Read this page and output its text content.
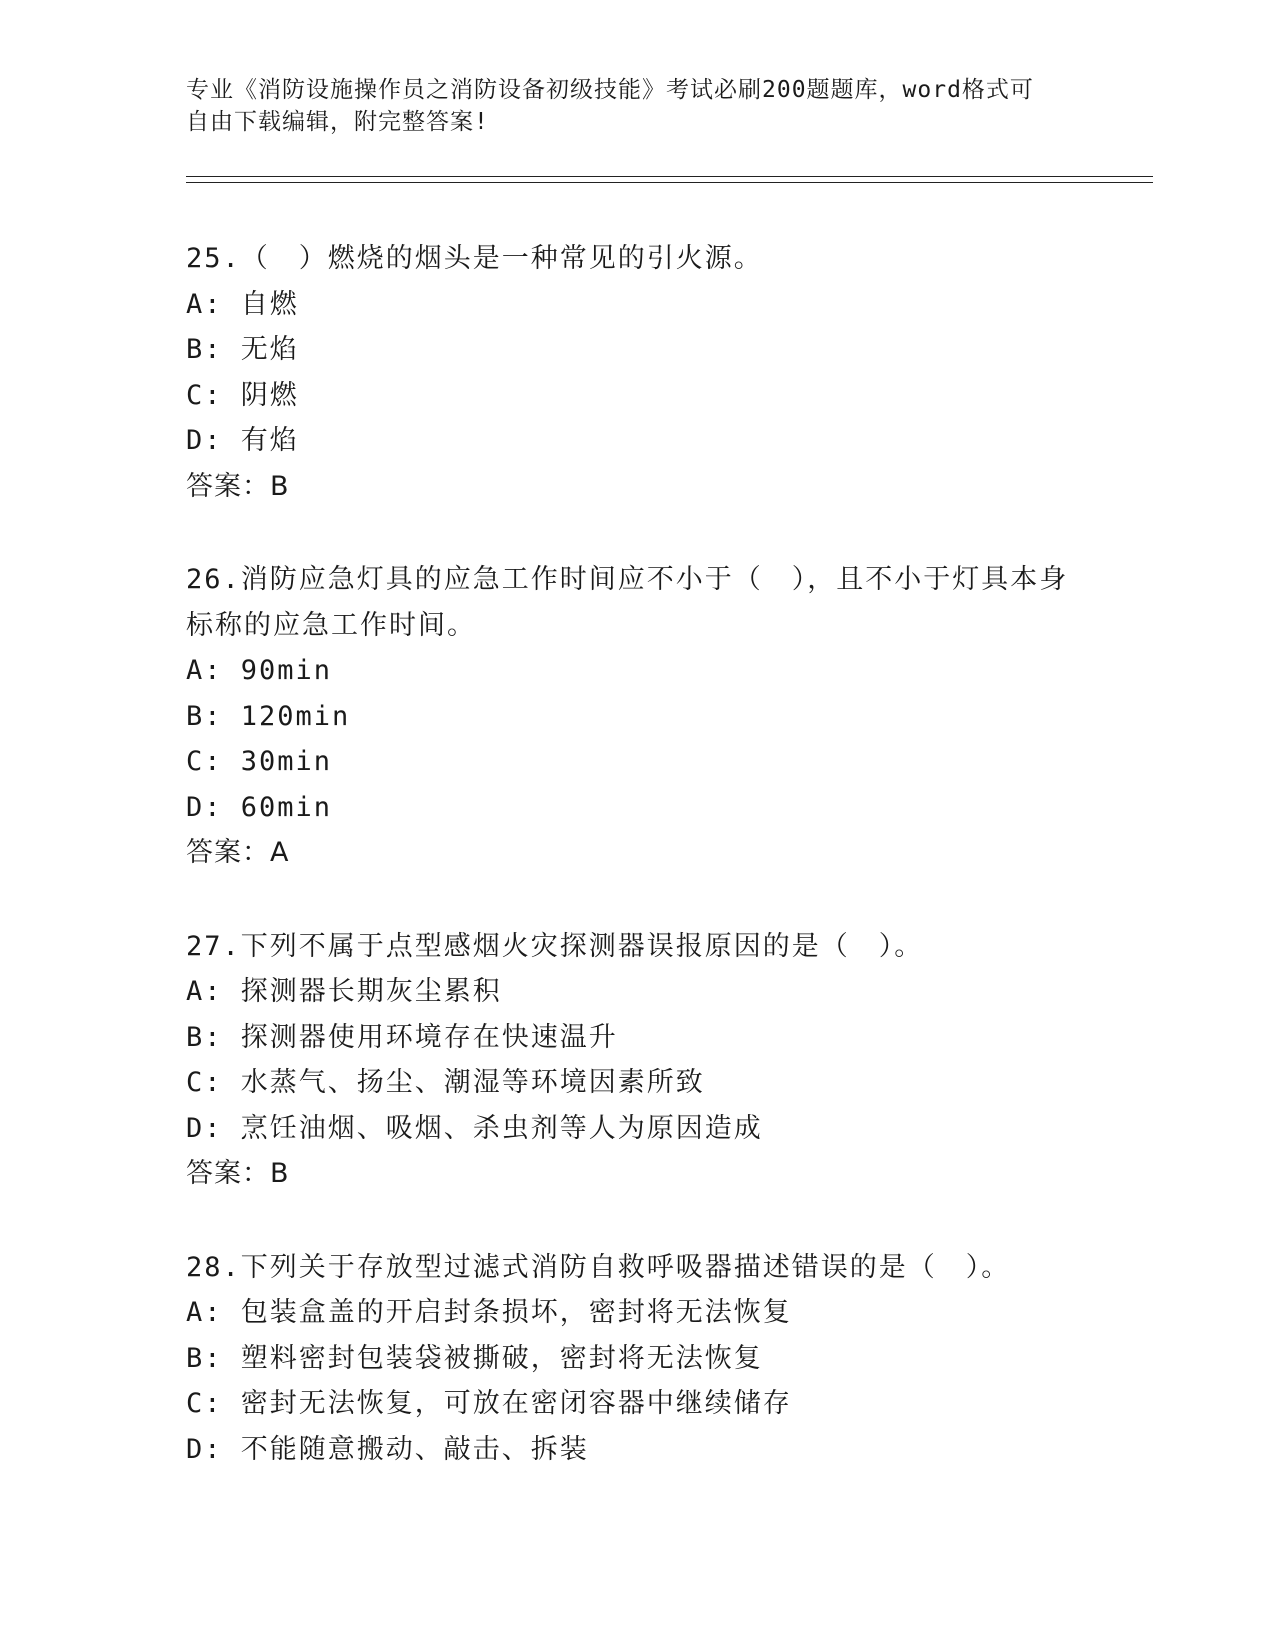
专业《消防设施操作员之消防设备初级技能》考试必刷200题题库，word格式可
自由下载编辑，附完整答案!
25.（　）燃烧的烟头是一种常见的引火源。
A: 自燃
B: 无焰
C: 阴燃
D: 有焰
答案：B
26.消防应急灯具的应急工作时间应不小于（　），且不小于灯具本身标称的应急工作时间。
A: 90min
B: 120min
C: 30min
D: 60min
答案：A
27.下列不属于点型感烟火灾探测器误报原因的是（　）。
A: 探测器长期灰尘累积
B: 探测器使用环境存在快速温升
C: 水蒸气、扬尘、潮湿等环境因素所致
D: 烹饪油烟、吸烟、杀虫剂等人为原因造成
答案：B
28.下列关于存放型过滤式消防自救呼吸器描述错误的是（　）。
A: 包装盒盖的开启封条损坏，密封将无法恢复
B: 塑料密封包装袋被撕破，密封将无法恢复
C: 密封无法恢复，可放在密闭容器中继续储存
D: 不能随意搬动、敲击、拆装
